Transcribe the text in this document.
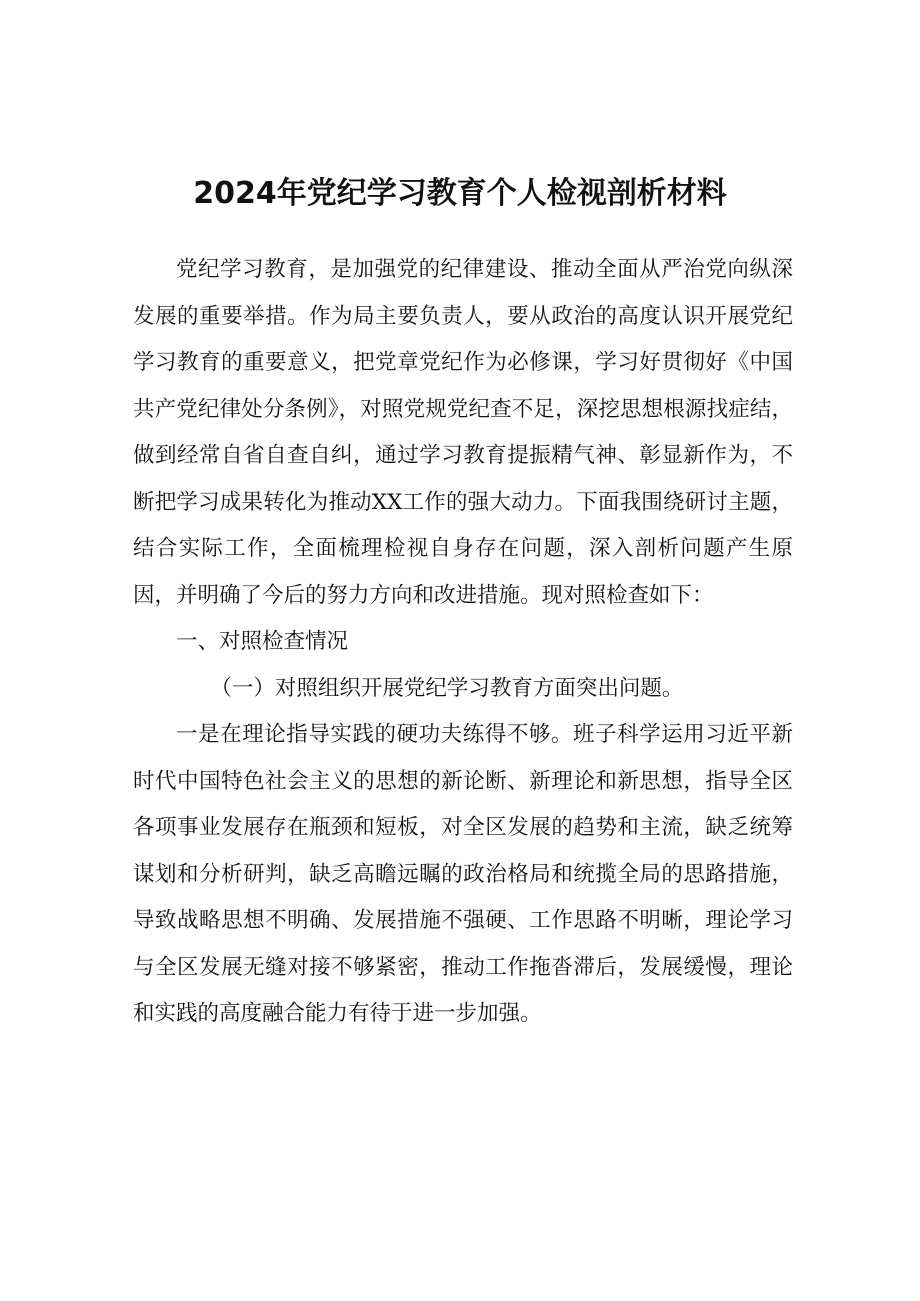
2024年党纪学习教育个人检视剖析材料

党纪学习教育，是加强党的纪律建设、推动全面从严治党向纵深发展的重要举措。作为局主要负责人，要从政治的高度认识开展党纪学习教育的重要意义，把党章党纪作为必修课，学习好贯彻好《中国共产党纪律处分条例》，对照党规党纪查不足，深挖思想根源找症结，做到经常自省自查自纠，通过学习教育提振精气神、彰显新作为，不断把学习成果转化为推动XX工作的强大动力。下面我围绕研讨主题，结合实际工作，全面梳理检视自身存在问题，深入剖析问题产生原因，并明确了今后的努力方向和改进措施。现对照检查如下：

一、对照检查情况

（一）对照组织开展党纪学习教育方面突出问题。

一是在理论指导实践的硬功夫练得不够。班子科学运用习近平新时代中国特色社会主义的思想的新论断、新理论和新思想，指导全区各项事业发展存在瓶颈和短板，对全区发展的趋势和主流，缺乏统筹谋划和分析研判，缺乏高瞻远瞩的政治格局和统揽全局的思路措施，导致战略思想不明确、发展措施不强硬、工作思路不明晰，理论学习与全区发展无缝对接不够紧密，推动工作拖沓滞后，发展缓慢，理论和实践的高度融合能力有待于进一步加强。
